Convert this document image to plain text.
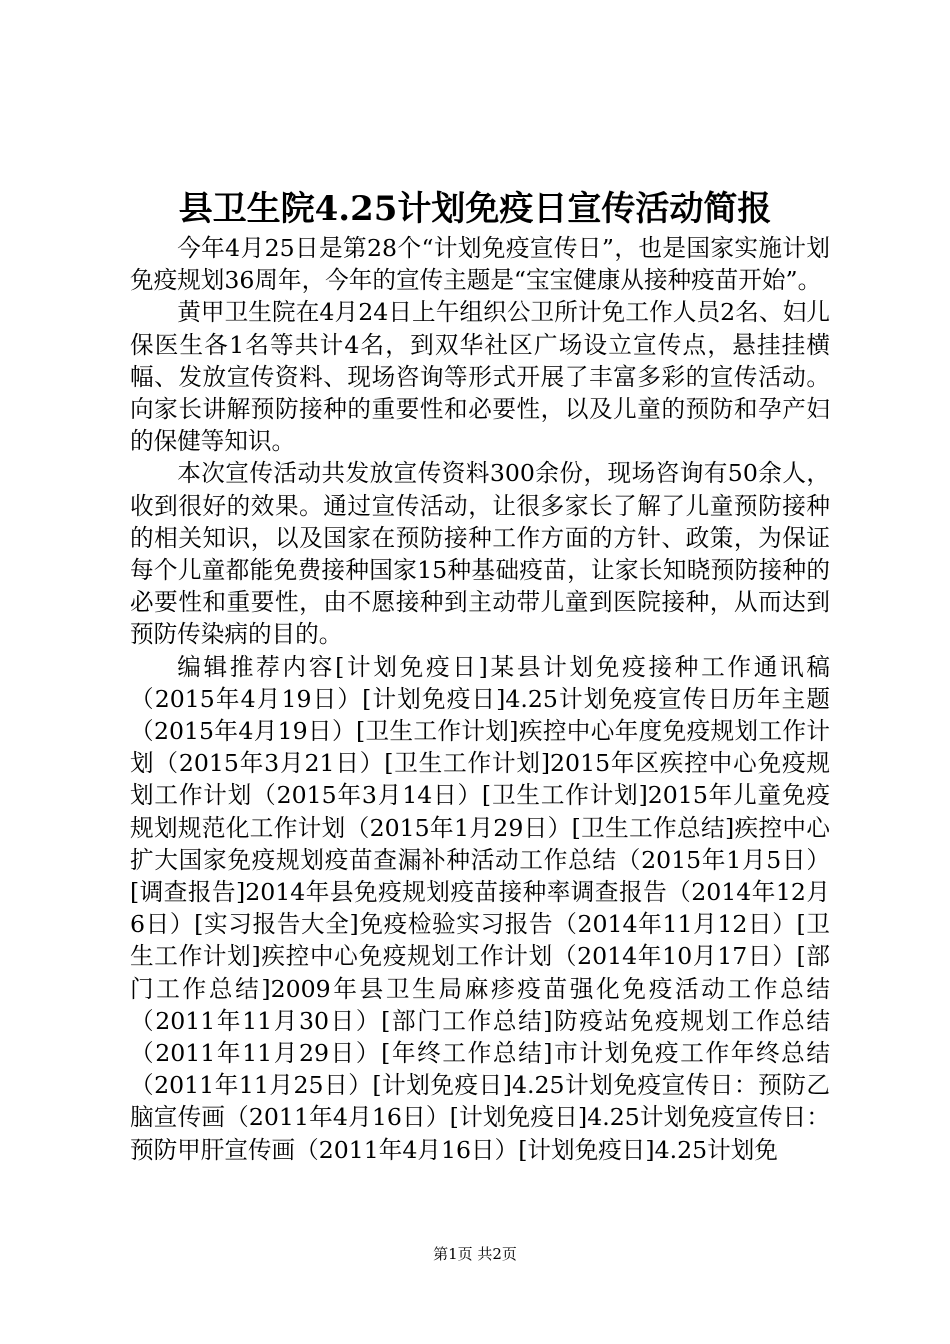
县卫生院4.25计划免疫日宣传活动简报

今年4月25日是第28个“计划免疫宣传日”，也是国家实施计划免疫规划36周年，今年的宣传主题是“宝宝健康从接种疫苗开始”。

黄甲卫生院在4月24日上午组织公卫所计免工作人员2名、妇儿保医生各1名等共计4名，到双华社区广场设立宣传点，悬挂挂横幅、发放宣传资料、现场咨询等形式开展了丰富多彩的宣传活动。向家长讲解预防接种的重要性和必要性，以及儿童的预防和孕产妇的保健等知识。

本次宣传活动共发放宣传资料300余份，现场咨询有50余人，收到很好的效果。通过宣传活动，让很多家长了解了儿童预防接种的相关知识，以及国家在预防接种工作方面的方针、政策，为保证每个儿童都能免费接种国家15种基础疫苗，让家长知晓预防接种的必要性和重要性，由不愿接种到主动带儿童到医院接种，从而达到预防传染病的目的。

编辑推荐内容[计划免疫日]某县计划免疫接种工作通讯稿（2015年4月19日）[计划免疫日]4.25计划免疫宣传日历年主题（2015年4月19日）[卫生工作计划]疾控中心年度免疫规划工作计划（2015年3月21日）[卫生工作计划]2015年区疾控中心免疫规划工作计划（2015年3月14日）[卫生工作计划]2015年儿童免疫规划规范化工作计划（2015年1月29日）[卫生工作总结]疾控中心扩大国家免疫规划疫苗查漏补种活动工作总结（2015年1月5日）[调查报告]2014年县免疫规划疫苗接种率调查报告（2014年12月6日）[实习报告大全]免疫检验实习报告（2014年11月12日）[卫生工作计划]疾控中心免疫规划工作计划（2014年10月17日）[部门工作总结]2009年县卫生局麻疹疫苗强化免疫活动工作总结（2011年11月30日）[部门工作总结]防疫站免疫规划工作总结（2011年11月29日）[年终工作总结]市计划免疫工作年终总结（2011年11月25日）[计划免疫日]4.25计划免疫宣传日：预防乙脑宣传画（2011年4月16日）[计划免疫日]4.25计划免疫宣传日：预防甲肝宣传画（2011年4月16日）[计划免疫日]4.25计划免

第1页 共2页
